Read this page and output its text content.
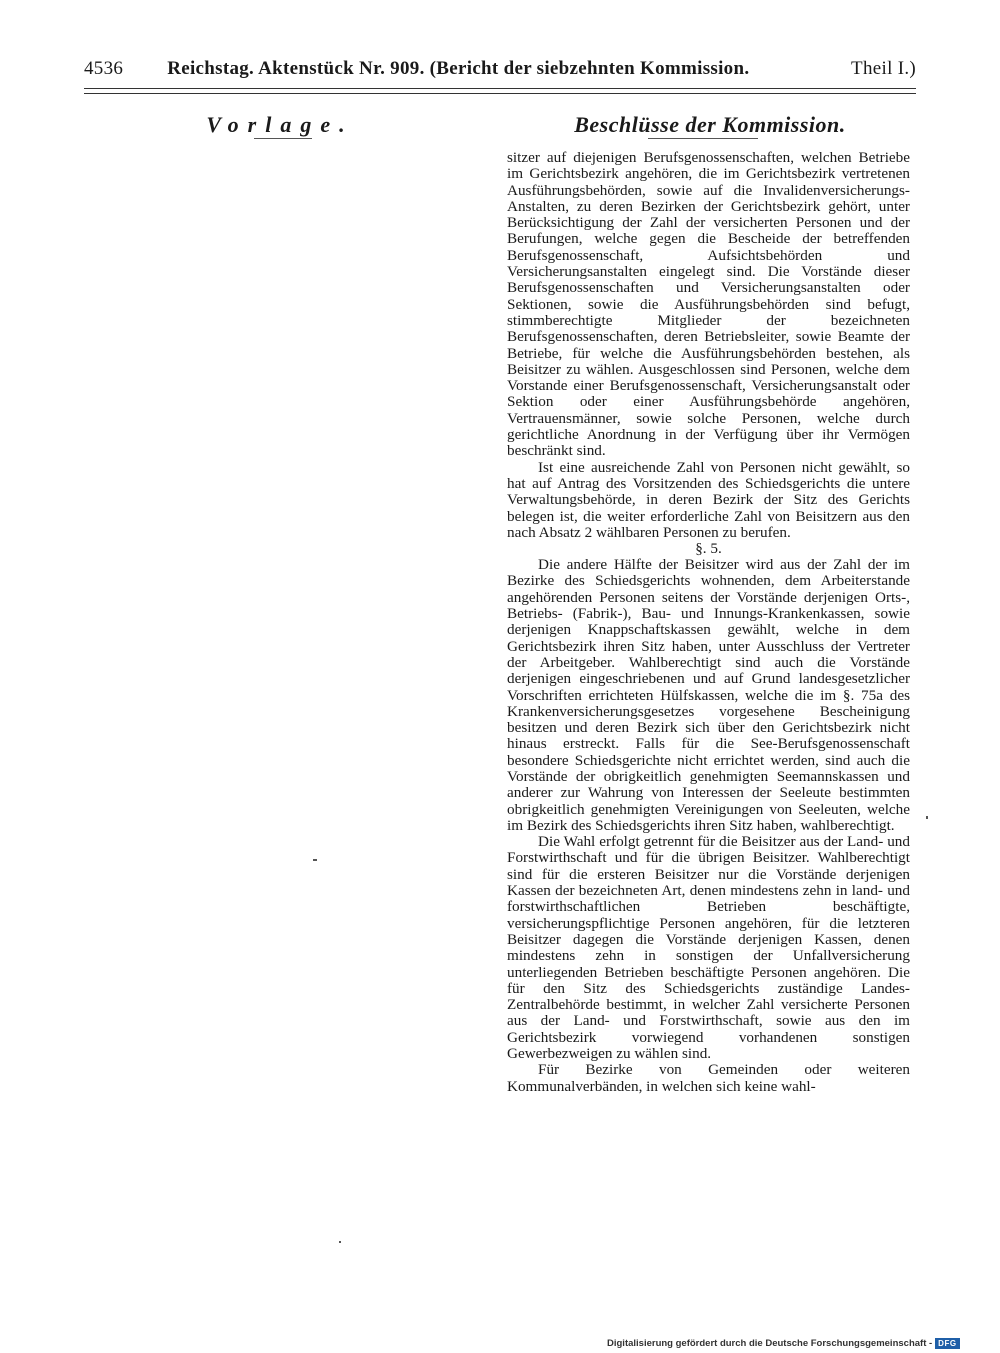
4536 Reichstag. Aktenstück Nr. 909. (Bericht der siebzehnten Kommission.	Theil I.)
Vorlage.	Beschlüsse der Kommission.

sitzer auf diejenigen Berufsgenossenschaften, welchen Betriebe im Gerichtsbezirk angehören, die im Gerichtsbezirk vertretenen Ausführungsbehörden, sowie auf die Invalidenversicherungs-Anstalten, zu deren Bezirken der Gerichtsbezirk gehört, unter Berücksichtigung der Zahl der versicherten Personen und der Berufungen, welche gegen die Bescheide der betreffenden Berufsgenossenschaft, Aufsichtsbehörden und Versicherungsanstalten eingelegt sind. Die Vorstände dieser Berufsgenossenschaften und Versicherungsanstalten oder Sektionen, sowie die Ausführungsbehörden sind befugt, stimmberechtigte Mitglieder der bezeichneten Berufsgenossenschaften, deren Betriebsleiter, sowie Beamte der Betriebe, für welche die Ausführungsbehörden bestehen, als Beisitzer zu wählen. Ausgeschlossen sind Personen, welche dem Vorstande einer Berufsgenossenschaft, Versicherungsanstalt oder Sektion oder einer Ausführungsbehörde angehören, Vertrauensmänner, sowie solche Personen, welche durch gerichtliche Anordnung in der Verfügung über ihr Vermögen beschränkt sind.

Ist eine ausreichende Zahl von Personen nicht gewählt, so hat auf Antrag des Vorsitzenden des Schiedsgerichts die untere Verwaltungsbehörde, in deren Bezirk der Sitz des Gerichts belegen ist, die weiter erforderliche Zahl von Beisitzern aus den nach Absatz 2 wählbaren Personen zu berufen.

§. 5.

Die andere Hälfte der Beisitzer wird aus der Zahl der im Bezirke des Schiedsgerichts wohnenden, dem Arbeiterstande angehörenden Personen seitens der Vorstände derjenigen Orts-, Betriebs- (Fabrik-), Bau- und Innungs-Krankenkassen, sowie derjenigen Knappschaftskassen gewählt, welche in dem Gerichtsbezirk ihren Sitz haben, unter Ausschluss der Vertreter der Arbeitgeber. Wahlberechtigt sind auch die Vorstände derjenigen eingeschriebenen und auf Grund landesgesetzlicher Vorschriften errichteten Hülfskassen, welche die im §. 75a des Krankenversicherungsgesetzes vorgesehene Bescheinigung besitzen und deren Bezirk sich über den Gerichtsbezirk nicht hinaus erstreckt. Falls für die See-Berufsgenossenschaft besondere Schiedsgerichte nicht errichtet werden, sind auch die Vorstände der obrigkeitlich genehmigten Seemannskassen und anderer zur Wahrung von Interessen der Seeleute bestimmten obrigkeitlich genehmigten Vereinigungen von Seeleuten, welche im Bezirk des Schiedsgerichts ihren Sitz haben, wahlberechtigt.

Die Wahl erfolgt getrennt für die Beisitzer aus der Land- und Forstwirthschaft und für die übrigen Beisitzer. Wahlberechtigt sind für die ersteren Beisitzer nur die Vorstände derjenigen Kassen der bezeichneten Art, denen mindestens zehn in land- und forstwirthschaftlichen Betrieben beschäftigte, versicherungspflichtige Personen angehören, für die letzteren Beisitzer dagegen die Vorstände derjenigen Kassen, denen mindestens zehn in sonstigen der Unfallversicherung unterliegenden Betrieben beschäftigte Personen angehören. Die für den Sitz des Schiedsgerichts zuständige Landes-Zentralbehörde bestimmt, in welcher Zahl versicherte Personen aus der Land- und Forstwirthschaft, sowie aus den im Gerichtsbezirk vorwiegend vorhandenen sonstigen Gewerbezweigen zu wählen sind.

Für Bezirke von Gemeinden oder weiteren Kommunalverbänden, in welchen sich keine wahl-

Digitalisierung gefördert durch die Deutsche Forschungsgemeinschaft - DFG
